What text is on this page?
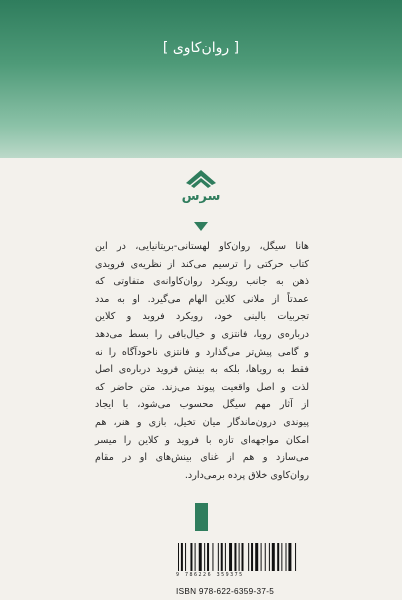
[ روان‌کاوی ]
سرس
هانا سیگل، روان‌کاو لهستانی-بریتانیایی، در این
کتاب حرکتی را ترسیم می‌کند از نظریه‌ی فرویدی
ذهن به جانب رویکرد روان‌کاوانه‌ی متفاوتی که
عمدتاً از ملانی کلاین الهام می‌گیرد. او به مدد
تجربیات بالینی خود، رویکرد فروید و کلاین
درباره‌ی رویا، فانتزی و خیال‌بافی را بسط می‌دهد
و گامی پیش‌تر می‌گذارد و فانتزی ناخودآگاه را نه
فقط به رویاها، بلکه به بینش فروید درباره‌ی اصل
لذت و اصل واقعیت پیوند می‌زند. متن حاضر که
از آثار مهم سیگل محسوب می‌شود، با ایجاد
پیوندی درون‌ماندگار میان تخیل، بازی و هنر، هم
امکان مواجهه‌ای تازه با فروید و کلاین را میسر
می‌سازد و هم از غنای بینش‌های او در مقام
روان‌کاوی خلاق پرده برمی‌دارد.
9 786226 359375
ISBN 978-622-6359-37-5
